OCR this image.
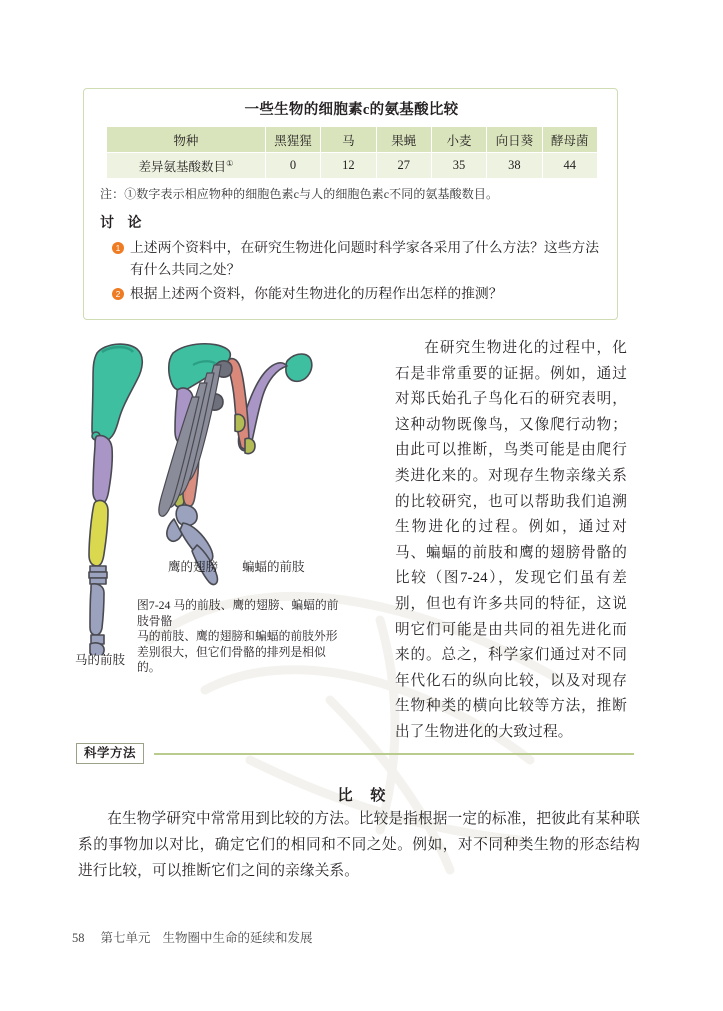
一些生物的细胞素c的氨基酸比较
物种	黑猩猩	马	果蝇	小麦	向日葵	酵母菌
差异氨基酸数目①	0	12	27	35	38	44
注：①数字表示相应物种的细胞色素c与人的细胞色素c不同的氨基酸数目。
讨 论
1 上述两个资料中，在研究生物进化问题时科学家各采用了什么方法？这些方法有什么共同之处？
2 根据上述两个资料，你能对生物进化的历程作出怎样的推测？
马的前肢
鹰的翅膀 蝙蝠的前肢
图7-24 马的前肢、鹰的翅膀、蝙蝠的前肢骨骼
马的前肢、鹰的翅膀和蝙蝠的前肢外形差别很大，但它们骨骼的排列是相似的。

在研究生物进化的过程中，化石是非常重要的证据。例如，通过对郑氏始孔子鸟化石的研究表明，这种动物既像鸟，又像爬行动物；由此可以推断，鸟类可能是由爬行类进化来的。对现存生物亲缘关系的比较研究，也可以帮助我们追溯生物进化的过程。例如，通过对马、蝙蝠的前肢和鹰的翅膀骨骼的比较（图7-24），发现它们虽有差别，但也有许多共同的特征，这说明它们可能是由共同的祖先进化而来的。总之，科学家们通过对不同年代化石的纵向比较，以及对现存生物种类的横向比较等方法，推断出了生物进化的大致过程。

科学方法
比 较

在生物学研究中常常用到比较的方法。比较是指根据一定的标准，把彼此有某种联系的事物加以对比，确定它们的相同和不同之处。例如，对不同种类生物的形态结构进行比较，可以推断它们之间的亲缘关系。

58 第七单元 生物圈中生命的延续和发展
